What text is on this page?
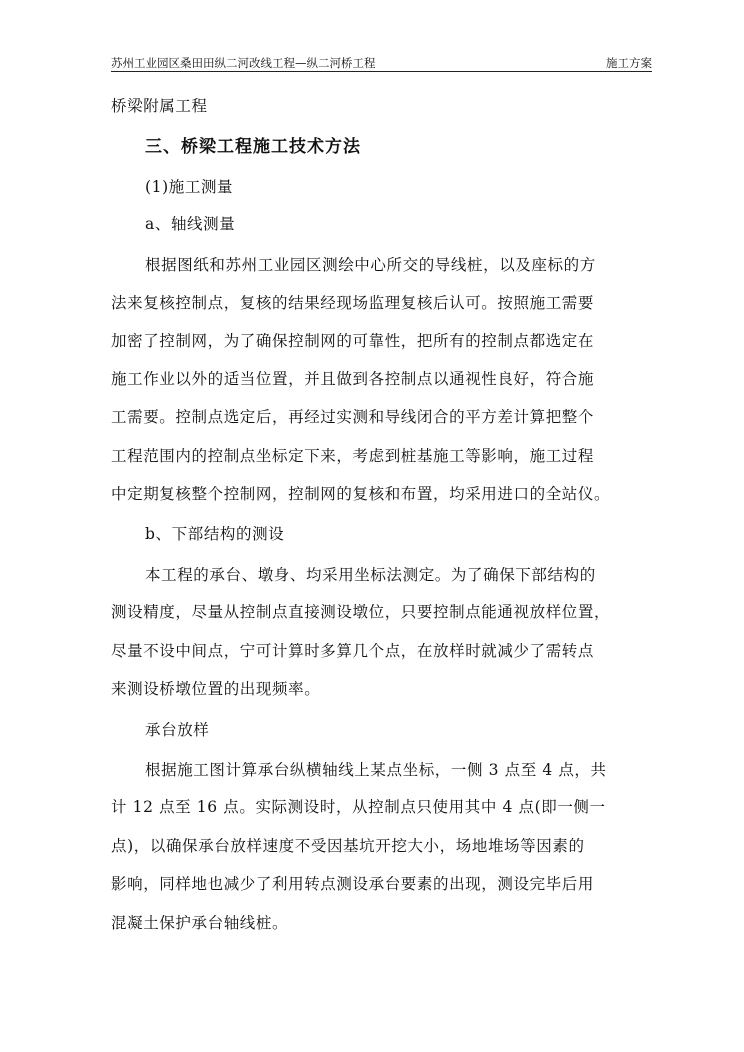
苏州工业园区桑田田纵二河改线工程—纵二河桥工程	施工方案
桥梁附属工程
三、桥梁工程施工技术方法
(1)施工测量
a、轴线测量
根据图纸和苏州工业园区测绘中心所交的导线桩，以及座标的方
法来复核控制点，复核的结果经现场监理复核后认可。按照施工需要
加密了控制网，为了确保控制网的可靠性，把所有的控制点都选定在
施工作业以外的适当位置，并且做到各控制点以通视性良好，符合施
工需要。控制点选定后，再经过实测和导线闭合的平方差计算把整个
工程范围内的控制点坐标定下来，考虑到桩基施工等影响，施工过程
中定期复核整个控制网，控制网的复核和布置，均采用进口的全站仪。
b、下部结构的测设
本工程的承台、墩身、均采用坐标法测定。为了确保下部结构的
测设精度，尽量从控制点直接测设墩位，只要控制点能通视放样位置，
尽量不设中间点，宁可计算时多算几个点，在放样时就减少了需转点
来测设桥墩位置的出现频率。
承台放样
根据施工图计算承台纵横轴线上某点坐标，一侧 3 点至 4 点，共
计 12 点至 16 点。实际测设时，从控制点只使用其中 4 点(即一侧一
点)，以确保承台放样速度不受因基坑开挖大小，场地堆场等因素的
影响，同样地也减少了利用转点测设承台要素的出现，测设完毕后用
混凝土保护承台轴线桩。
